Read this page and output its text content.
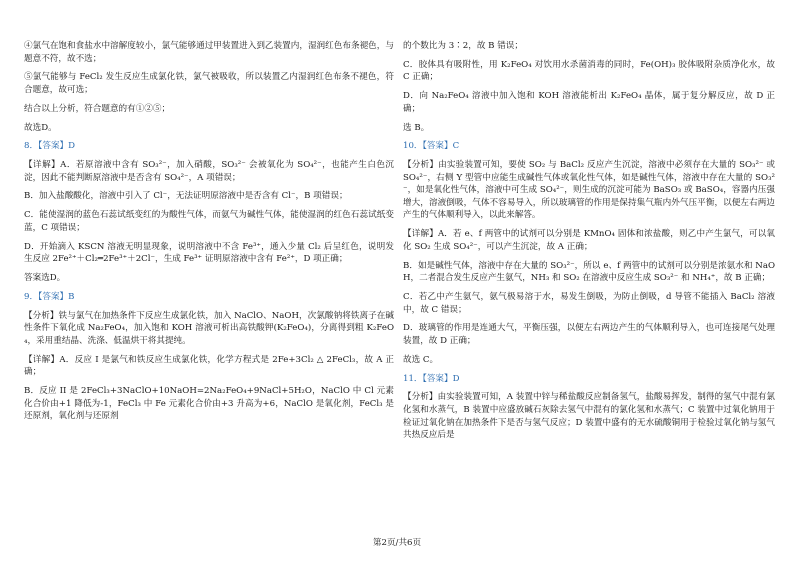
④氯气在饱和食盐水中溶解度较小，氯气能够通过甲装置进入到乙装置内，湿润红色布条褪色，与题意不符，故不选；

⑤氯气能够与 FeCl₂ 发生反应生成氯化铁，氯气被吸收，所以装置乙内湿润红色布条不褪色，符合题意，故可选；

结合以上分析，符合题意的有①②⑤；

故选D。

8．【答案】D

【详解】A．若原溶液中含有 SO₃²⁻，加入硝酸，SO₃²⁻ 会被氧化为 SO₄²⁻，也能产生白色沉淀，因此不能判断原溶液中是否含有 SO₄²⁻，A 项错误；

B．加入盐酸酸化，溶液中引入了 Cl⁻，无法证明原溶液中是否含有 Cl⁻，B 项错误；

C．能使湿润的蓝色石蕊试纸变红的为酸性气体，而氨气为碱性气体，能使湿润的红色石蕊试纸变蓝，C 项错误；

D．开始滴入 KSCN 溶液无明显现象，说明溶液中不含 Fe³⁺，通入少量 Cl₂ 后呈红色，说明发生反应 2Fe²⁺＋Cl₂═2Fe³⁺＋2Cl⁻，生成 Fe³⁺ 证明原溶液中含有 Fe²⁺，D 项正确；

答案选D。

9．【答案】B

【分析】铁与氯气在加热条件下反应生成氯化铁，加入 NaClO、NaOH，次氯酸钠将铁离子在碱性条件下氧化成 Na₂FeO₄，加入饱和 KOH 溶液可析出高铁酸钾(K₂FeO₄)，分离得到粗 K₂FeO₄，采用重结晶、洗涤、低温烘干将其提纯。

【详解】A．反应 I 是氯气和铁反应生成氯化铁，化学方程式是 2Fe+3Cl₂ △ 2FeCl₃，故 A 正确；

B．反应 II 是 2FeCl₃+3NaClO+10NaOH=2Na₂FeO₄+9NaCl+5H₂O，NaClO 中 Cl 元素化合价由+1 降低为-1，FeCl₃ 中 Fe 元素化合价由+3 升高为+6，NaClO 是氧化剂，FeCl₃ 是还原剂，氧化剂与还原剂

的个数比为 3∶2，故 B 错误；

C．胶体具有吸附性，用 K₂FeO₄ 对饮用水杀菌消毒的同时，Fe(OH)₃ 胶体吸附杂质净化水，故 C 正确；

D．向 Na₂FeO₄ 溶液中加入饱和 KOH 溶液能析出 K₂FeO₄ 晶体，属于复分解反应，故 D 正确；

选 B。

10．【答案】C

【分析】由实验装置可知，要使 SO₂ 与 BaCl₂ 反应产生沉淀，溶液中必须存在大量的 SO₃²⁻ 或 SO₄²⁻，右侧 Y 型管中应能生成碱性气体或氧化性气体，如是碱性气体，溶液中存在大量的 SO₃²⁻，如是氧化性气体，溶液中可生成 SO₄²⁻，则生成的沉淀可能为 BaSO₃ 或 BaSO₄，容器内压强增大，溶液倒吸，气体不容易导入，所以玻璃管的作用是保持集气瓶内外气压平衡，以便左右两边产生的气体顺利导入，以此来解答。

【详解】A．若 e、f 两管中的试剂可以分别是 KMnO₄ 固体和浓盐酸，则乙中产生氯气，可以氧化 SO₂ 生成 SO₄²⁻，可以产生沉淀，故 A 正确；

B．如是碱性气体，溶液中存在大量的 SO₃²⁻，所以 e、f 两管中的试剂可以分别是浓氨水和 NaOH，二者混合发生反应产生氨气，NH₃ 和 SO₂ 在溶液中反应生成 SO₃²⁻ 和 NH₄⁺，故 B 正确；

C．若乙中产生氨气，氨气极易溶于水，易发生倒吸，为防止倒吸，d 导管不能插入 BaCl₂ 溶液中，故 C 错误；

D．玻璃管的作用是连通大气，平衡压强，以便左右两边产生的气体顺利导入，也可连接尾气处理装置，故 D 正确；

故选 C。

11．【答案】D

【分析】由实验装置可知，A 装置中锌与稀盐酸反应制备氢气，盐酸易挥发，制得的氢气中混有氯化氢和水蒸气，B 装置中应盛放碱石灰除去氢气中混有的氯化氢和水蒸气；C 装置中过氧化钠用于检证过氧化钠在加热条件下是否与氢气反应；D 装置中盛有的无水硫酸铜用于检验过氧化钠与氢气共热反应后是

第2页/共6页
